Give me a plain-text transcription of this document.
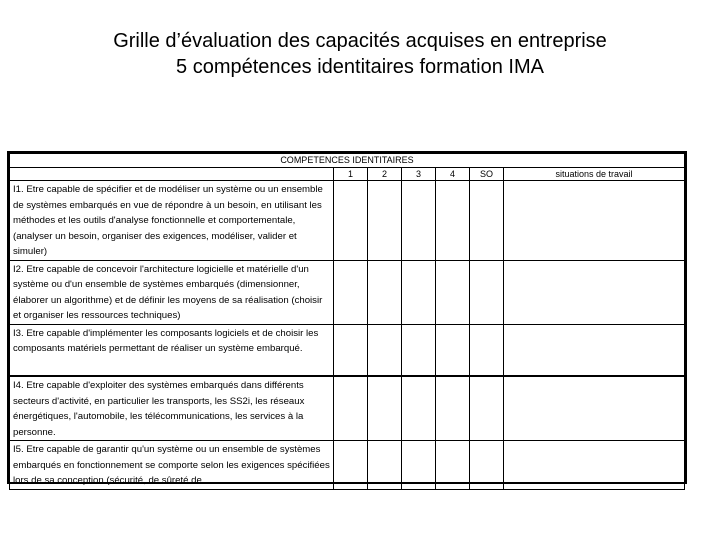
Grille d’évaluation des capacités acquises en entreprise
5 compétences identitaires formation IMA
COMPETENCES IDENTITAIRES						
	1	2	3	4	SO	situations de travail
I1. Etre capable de spécifier et de modéliser un système ou un ensemble de systèmes embarqués en vue de répondre à un besoin, en utilisant les méthodes et les outils d'analyse fonctionnelle et comportementale, (analyser un besoin, organiser des exigences, modéliser, valider et simuler)						
I2. Etre capable de concevoir l'architecture logicielle et matérielle d'un système ou d'un ensemble de systèmes embarqués (dimensionner, élaborer un algorithme) et de définir les moyens de sa réalisation (choisir et organiser les ressources techniques)						
I3. Etre capable d'implémenter les composants logiciels et de choisir les composants matériels permettant de réaliser un système embarqué.						
I4. Etre capable d'exploiter des systèmes embarqués dans différents secteurs d'activité, en particulier les transports, les SS2i, les réseaux énergétiques, l'automobile, les télécommunications, les services à la personne.						
I5. Etre capable de garantir qu'un système ou un ensemble de systèmes embarqués en fonctionnement se comporte selon les exigences spécifiées lors de sa conception (sécurité, de sûreté de						
